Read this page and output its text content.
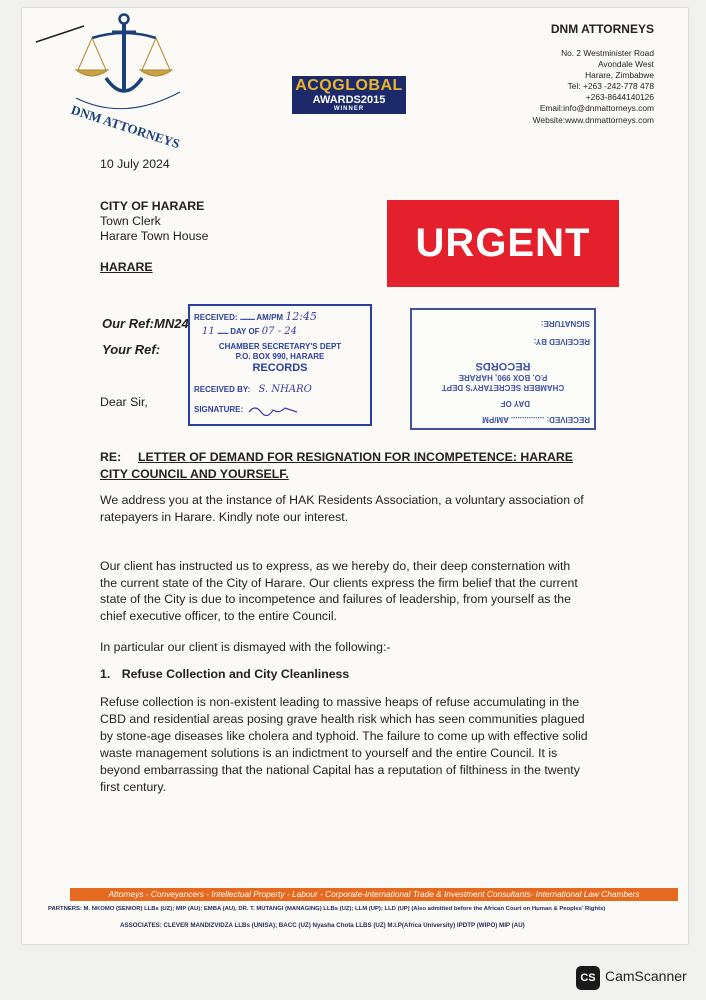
DNM ATTORNEYS
ACQGLOBAL
AWARDS2015
WINNER
DNM ATTORNEYS
No. 2 Westminister Road
Avondale West
Harare, Zimbabwe
Tel: +263 -242-778 478
+263-8644140126
Email:info@dnmattorneys.com
Website:www.dnmattorneys.com
10 July 2024
CITY OF HARARE
Town Clerk
Harare Town House
HARARE
URGENT
Our Ref:MN24
Your Ref:
RECEIVED: ............ AM/PM 12:45
11 ......... DAY OF 07 - 24
CHAMBER SECRETARY'S DEPT
P.O. BOX 990, HARARE
RECORDS
RECEIVED BY: S. NHARO
SIGNATURE:
RECEIVED: ............... AM/PM
DAY OF
CHAMBER SECRETARY'S DEPT
P.O. BOX 990, HARARE
RECORDS
RECEIVED BY:
SIGNATURE:
Dear Sir,
RE: LETTER OF DEMAND FOR RESIGNATION FOR INCOMPETENCE: HARARE
CITY COUNCIL AND YOURSELF.
We address you at the instance of HAK Residents Association, a voluntary association of
ratepayers in Harare. Kindly note our interest.
Our client has instructed us to express, as we hereby do, their deep consternation with
the current state of the City of Harare. Our clients express the firm belief that the current
state of the City is due to incompetence and failures of leadership, from yourself as the
chief executive officer, to the entire Council.
In particular our client is dismayed with the following:-
1. Refuse Collection and City Cleanliness
Refuse collection is non-existent leading to massive heaps of refuse accumulating in the
CBD and residential areas posing grave health risk which has seen communities plagued
by stone-age diseases like cholera and typhoid. The failure to come up with effective solid
waste management solutions is an indictment to yourself and the entire Council. It is
beyond embarrassing that the national Capital has a reputation of filthiness in the twenty
first century.
Attorneys - Conveyancers - Intellectual Property - Labour - Corporate-International Trade & Investment Consultants- International Law Chambers
PARTNERS: M. NKOMO (SENIOR) LLBs (UZ); MIP (AU); EMBA (AU), DR. T. MUTANGI (MANAGING) LLBs (UZ); LLM (UP); LLD (UP) (Also admitted before the African Court on Human & Peoples' Rights)
ASSOCIATES: CLEVER MANDIZVIDZA LLBs (UNISA); BACC (UZ) Nyasha Chota LLBS (UZ) M.I.P(Africa University) IPDTP (WIPO) MIP (AU)
CS CamScanner
